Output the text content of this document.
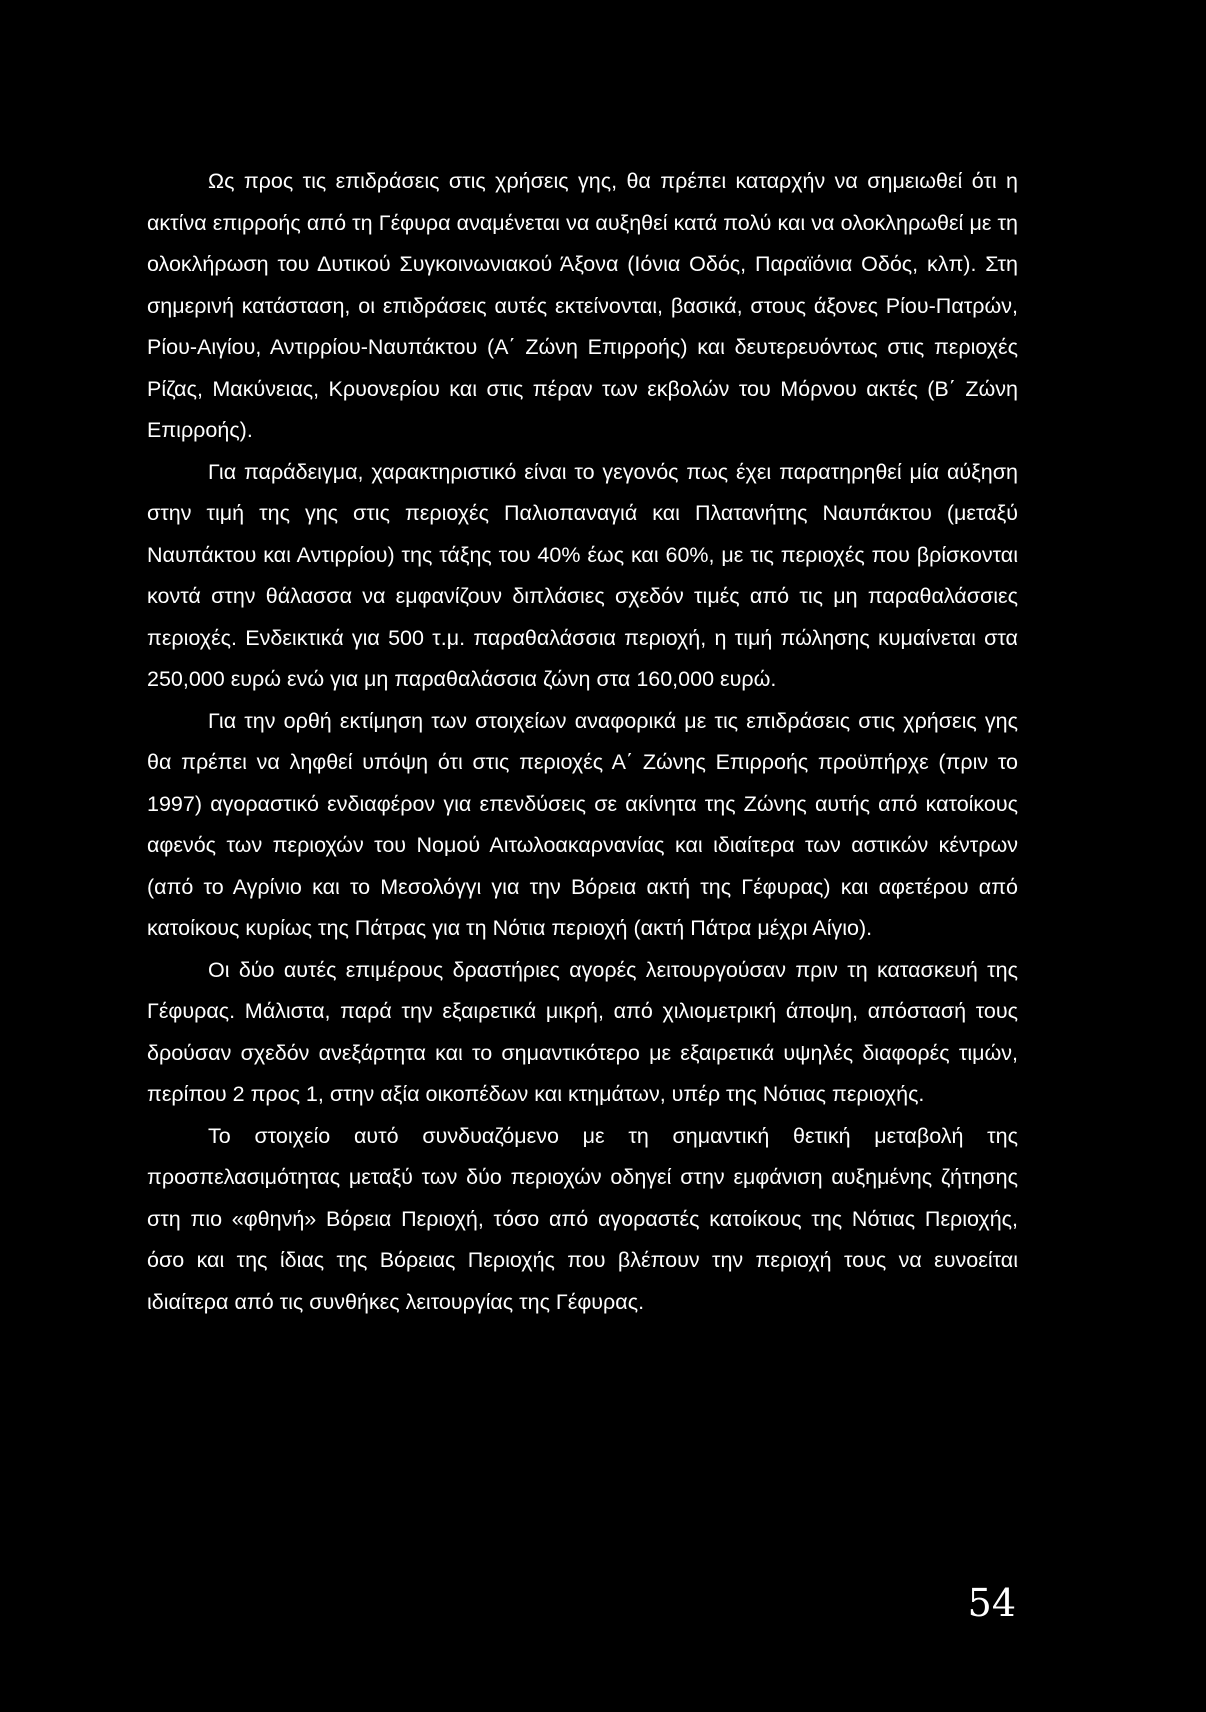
Ως προς τις επιδράσεις στις χρήσεις γης, θα πρέπει καταρχήν να σημειωθεί ότι η ακτίνα επιρροής από τη Γέφυρα αναμένεται να αυξηθεί κατά πολύ και να ολοκληρωθεί με τη ολοκλήρωση του Δυτικού Συγκοινωνιακού Άξονα (Ιόνια Οδός, Παραϊόνια Οδός, κλπ). Στη σημερινή κατάσταση, οι επιδράσεις αυτές εκτείνονται, βασικά, στους άξονες Ρίου-Πατρών, Ρίου-Αιγίου, Αντιρρίου-Ναυπάκτου (Α΄ Ζώνη Επιρροής) και δευτερευόντως στις περιοχές Ρίζας, Μακύνειας, Κρυονερίου και στις πέραν των εκβολών του Μόρνου ακτές (Β΄ Ζώνη Επιρροής).

Για παράδειγμα, χαρακτηριστικό είναι το γεγονός πως έχει παρατηρηθεί μία αύξηση στην τιμή της γης στις περιοχές Παλιοπαναγιά και Πλατανήτης Ναυπάκτου (μεταξύ Ναυπάκτου και Αντιρρίου) της τάξης του 40% έως και 60%, με τις περιοχές που βρίσκονται κοντά στην θάλασσα να εμφανίζουν διπλάσιες σχεδόν τιμές από τις μη παραθαλάσσιες περιοχές. Ενδεικτικά για 500 τ.μ. παραθαλάσσια περιοχή, η τιμή πώλησης κυμαίνεται στα 250,000 ευρώ ενώ για μη παραθαλάσσια ζώνη στα 160,000 ευρώ.

Για την ορθή εκτίμηση των στοιχείων αναφορικά με τις επιδράσεις στις χρήσεις γης θα πρέπει να ληφθεί υπόψη ότι στις περιοχές Α΄ Ζώνης Επιρροής προϋπήρχε (πριν το 1997) αγοραστικό ενδιαφέρον για επενδύσεις σε ακίνητα της Ζώνης αυτής από κατοίκους αφενός των περιοχών του Νομού Αιτωλοακαρνανίας και ιδιαίτερα των αστικών κέντρων (από το Αγρίνιο και το Μεσολόγγι για την Βόρεια ακτή της Γέφυρας) και αφετέρου από κατοίκους κυρίως της Πάτρας για τη Νότια περιοχή (ακτή Πάτρα μέχρι Αίγιο).

Οι δύο αυτές επιμέρους δραστήριες αγορές λειτουργούσαν πριν τη κατασκευή της Γέφυρας. Μάλιστα, παρά την εξαιρετικά μικρή, από χιλιομετρική άποψη, απόστασή τους δρούσαν σχεδόν ανεξάρτητα και το σημαντικότερο με εξαιρετικά υψηλές διαφορές τιμών, περίπου 2 προς 1, στην αξία οικοπέδων και κτημάτων, υπέρ της Νότιας περιοχής.

Το στοιχείο αυτό συνδυαζόμενο με τη σημαντική θετική μεταβολή της προσπελασιμότητας μεταξύ των δύο περιοχών οδηγεί στην εμφάνιση αυξημένης ζήτησης στη πιο «φθηνή» Βόρεια Περιοχή, τόσο από αγοραστές κατοίκους της Νότιας Περιοχής, όσο και της ίδιας της Βόρειας Περιοχής που βλέπουν την περιοχή τους να ευνοείται ιδιαίτερα από τις συνθήκες λειτουργίας της Γέφυρας.

54
